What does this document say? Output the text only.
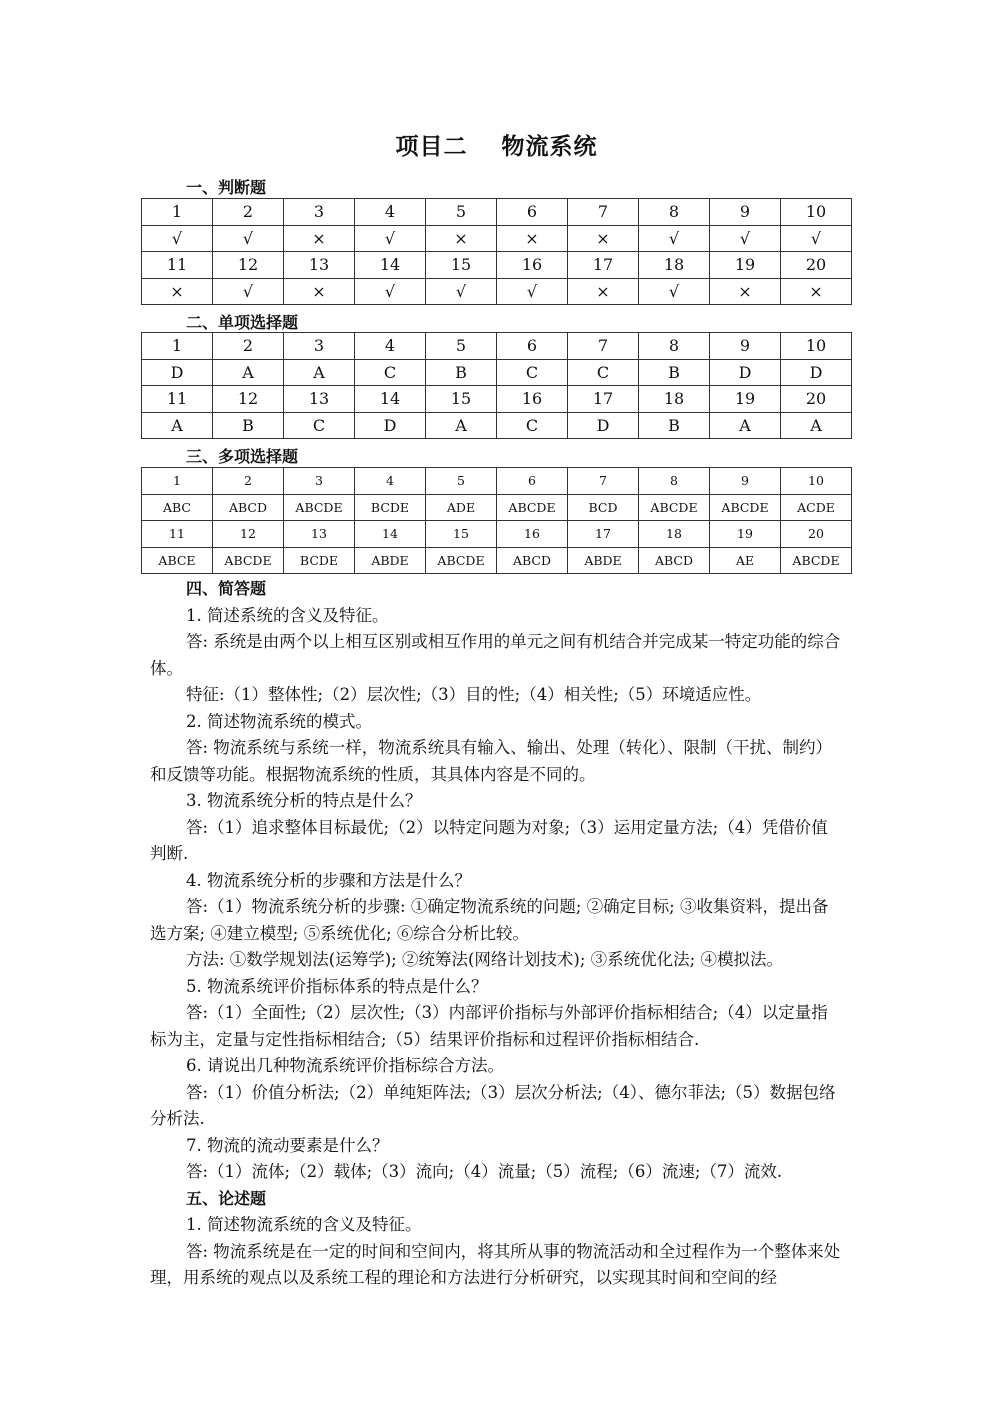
项目二 物流系统
一、判断题
1	2	3	4	5	6	7	8	9	10
√	√	×	√	×	×	×	√	√	√
11	12	13	14	15	16	17	18	19	20
×	√	×	√	√	√	×	√	×	×
二、单项选择题
1	2	3	4	5	6	7	8	9	10
D	A	A	C	B	C	C	B	D	D
11	12	13	14	15	16	17	18	19	20
A	B	C	D	A	C	D	B	A	A
三、多项选择题
1	2	3	4	5	6	7	8	9	10
ABC	ABCD	ABCDE	BCDE	ADE	ABCDE	BCD	ABCDE	ABCDE	ACDE
11	12	13	14	15	16	17	18	19	20
ABCE	ABCDE	BCDE	ABDE	ABCDE	ABCD	ABDE	ABCD	AE	ABCDE

四、简答题

1. 简述系统的含义及特征。

答: 系统是由两个以上相互区别或相互作用的单元之间有机结合并完成某一特定功能的综合体。

特征:（1）整体性;（2）层次性;（3）目的性;（4）相关性;（5）环境适应性。

2. 简述物流系统的模式。

答: 物流系统与系统一样，物流系统具有输入、输出、处理（转化）、限制（干扰、制约）和反馈等功能。根据物流系统的性质，其具体内容是不同的。

3. 物流系统分析的特点是什么？

答:（1）追求整体目标最优;（2）以特定问题为对象;（3）运用定量方法;（4）凭借价值判断.

4. 物流系统分析的步骤和方法是什么？

答:（1）物流系统分析的步骤: ①确定物流系统的问题; ②确定目标; ③收集资料，提出备选方案; ④建立模型; ⑤系统优化; ⑥综合分析比较。

方法: ①数学规划法(运筹学); ②统筹法(网络计划技术); ③系统优化法; ④模拟法。

5. 物流系统评价指标体系的特点是什么？

答:（1）全面性;（2）层次性;（3）内部评价指标与外部评价指标相结合;（4）以定量指标为主，定量与定性指标相结合;（5）结果评价指标和过程评价指标相结合.

6. 请说出几种物流系统评价指标综合方法。

答:（1）价值分析法;（2）单纯矩阵法;（3）层次分析法;（4）、德尔菲法;（5）数据包络分析法.

7. 物流的流动要素是什么？

答:（1）流体;（2）载体;（3）流向;（4）流量;（5）流程;（6）流速;（7）流效.

五、论述题

1. 简述物流系统的含义及特征。

答: 物流系统是在一定的时间和空间内，将其所从事的物流活动和全过程作为一个整体来处理，用系统的观点以及系统工程的理论和方法进行分析研究，以实现其时间和空间的经
